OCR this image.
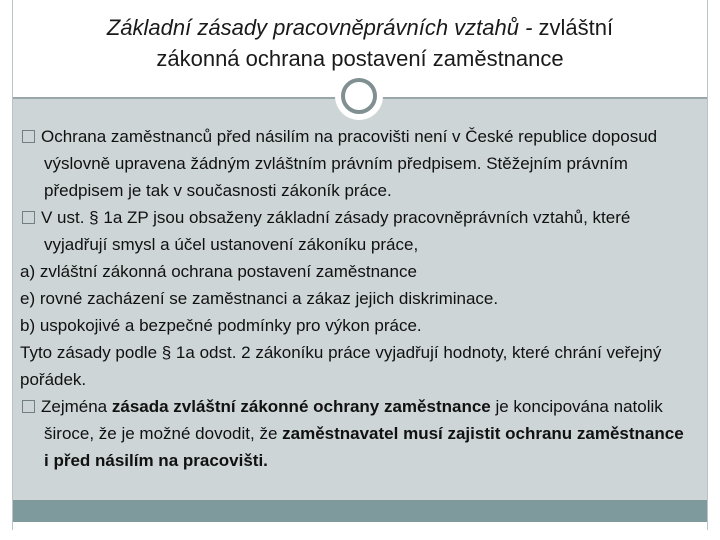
Základní zásady pracovněprávních vztahů - zvláštní
zákonná ochrana postavení zaměstnance

Ochrana zaměstnanců před násilím na pracovišti není v České republice doposud výslovně upravena žádným zvláštním právním předpisem. Stěžejním právním předpisem je tak v současnosti zákoník práce.

V ust. § 1a ZP jsou obsaženy základní zásady pracovněprávních vztahů, které vyjadřují smysl a účel ustanovení zákoníku práce,

a) zvláštní zákonná ochrana postavení zaměstnance

e) rovné zacházení se zaměstnanci a zákaz jejich diskriminace.

b) uspokojivé a bezpečné podmínky pro výkon práce.

Tyto zásady podle § 1a odst. 2 zákoníku práce vyjadřují hodnoty, které chrání veřejný pořádek.

Zejména zásada zvláštní zákonné ochrany zaměstnance je koncipována natolik široce, že je možné dovodit, že zaměstnavatel musí zajistit ochranu zaměstnance i před násilím na pracovišti.
